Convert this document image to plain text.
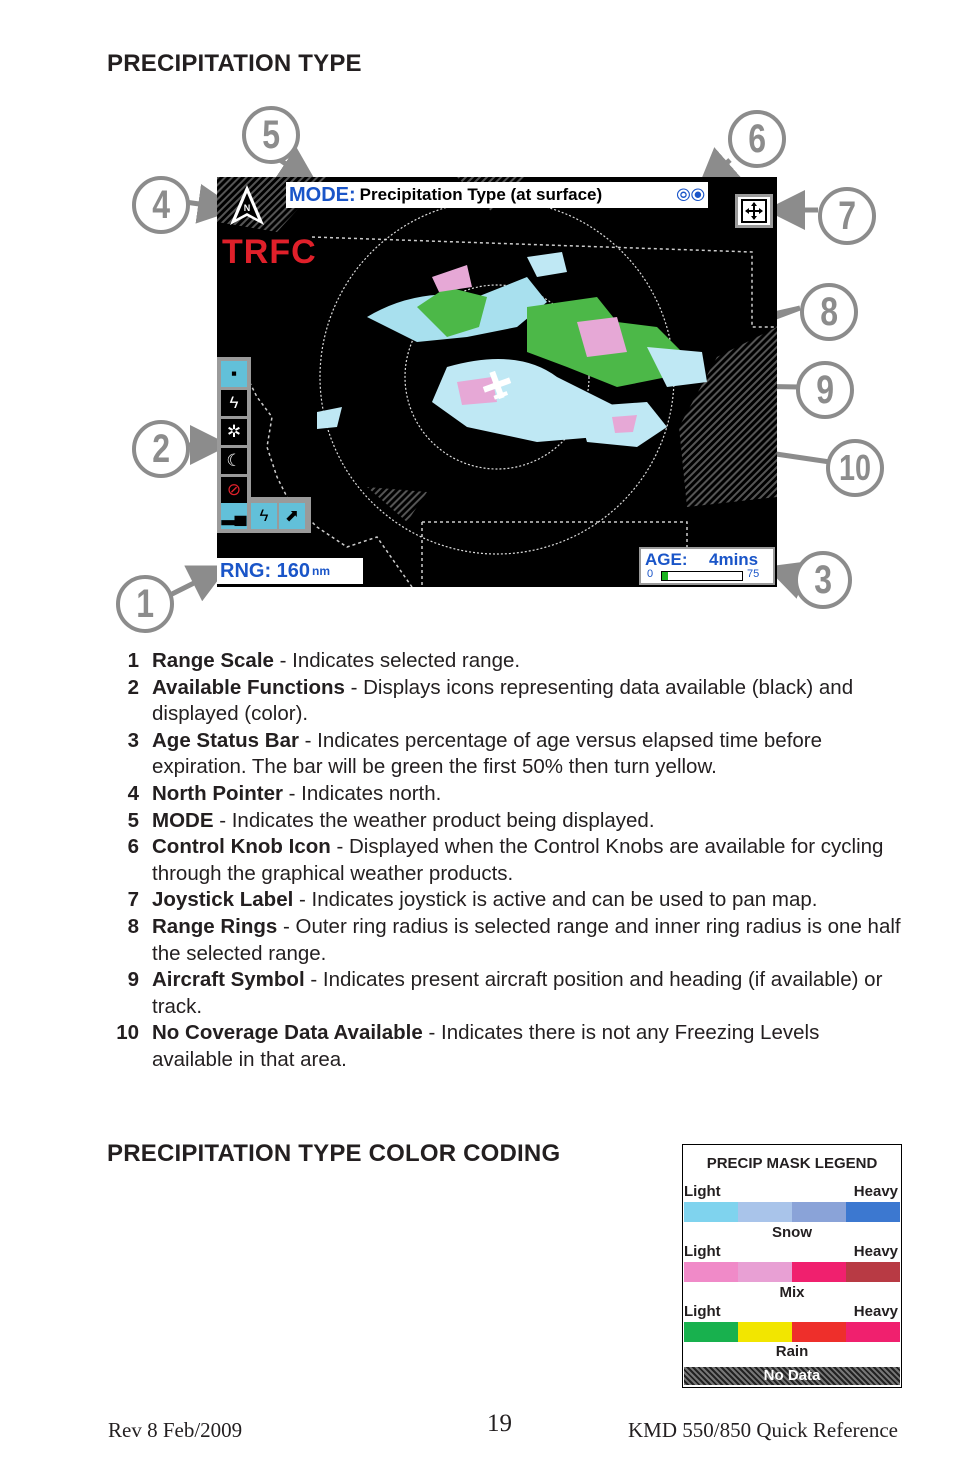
PRECIPITATION TYPE
N
MODE: Precipitation Type (at surface)	⦾⦿
TRFC
▪
ϟ
✲
☾
⊘
▂▄ ϟ ⬈
RNG:
160 nm
AGE: 4mins
0	75
1
2
3
4
5	6
7
8
9
10
1 Range Scale - Indicates selected range.
2 Available Functions - Displays icons representing data available (black) and displayed (color).
3 Age Status Bar - Indicates percentage of age versus elapsed time before expiration. The bar will be green the first 50% then turn yellow.
4 North Pointer - Indicates north.
5 MODE - Indicates the weather product being displayed.
6 Control Knob Icon - Displayed when the Control Knobs are available for cycling through the graphical weather products.
7 Joystick Label - Indicates joystick is active and can be used to pan map.
8 Range Rings - Outer ring radius is selected range and inner ring radius is one half the selected range.
9 Aircraft Symbol - Indicates present aircraft position and heading (if available) or track.
10 No Coverage Data Available - Indicates there is not any Freezing Levels available in that area.
PRECIPITATION TYPE COLOR CODING	PRECIP MASK LEGEND
Light	Heavy
Snow
Light	Heavy
Mix
Light	Heavy
Rain
No Data
Rev 8 Feb/2009	19	KMD 550/850 Quick Reference
